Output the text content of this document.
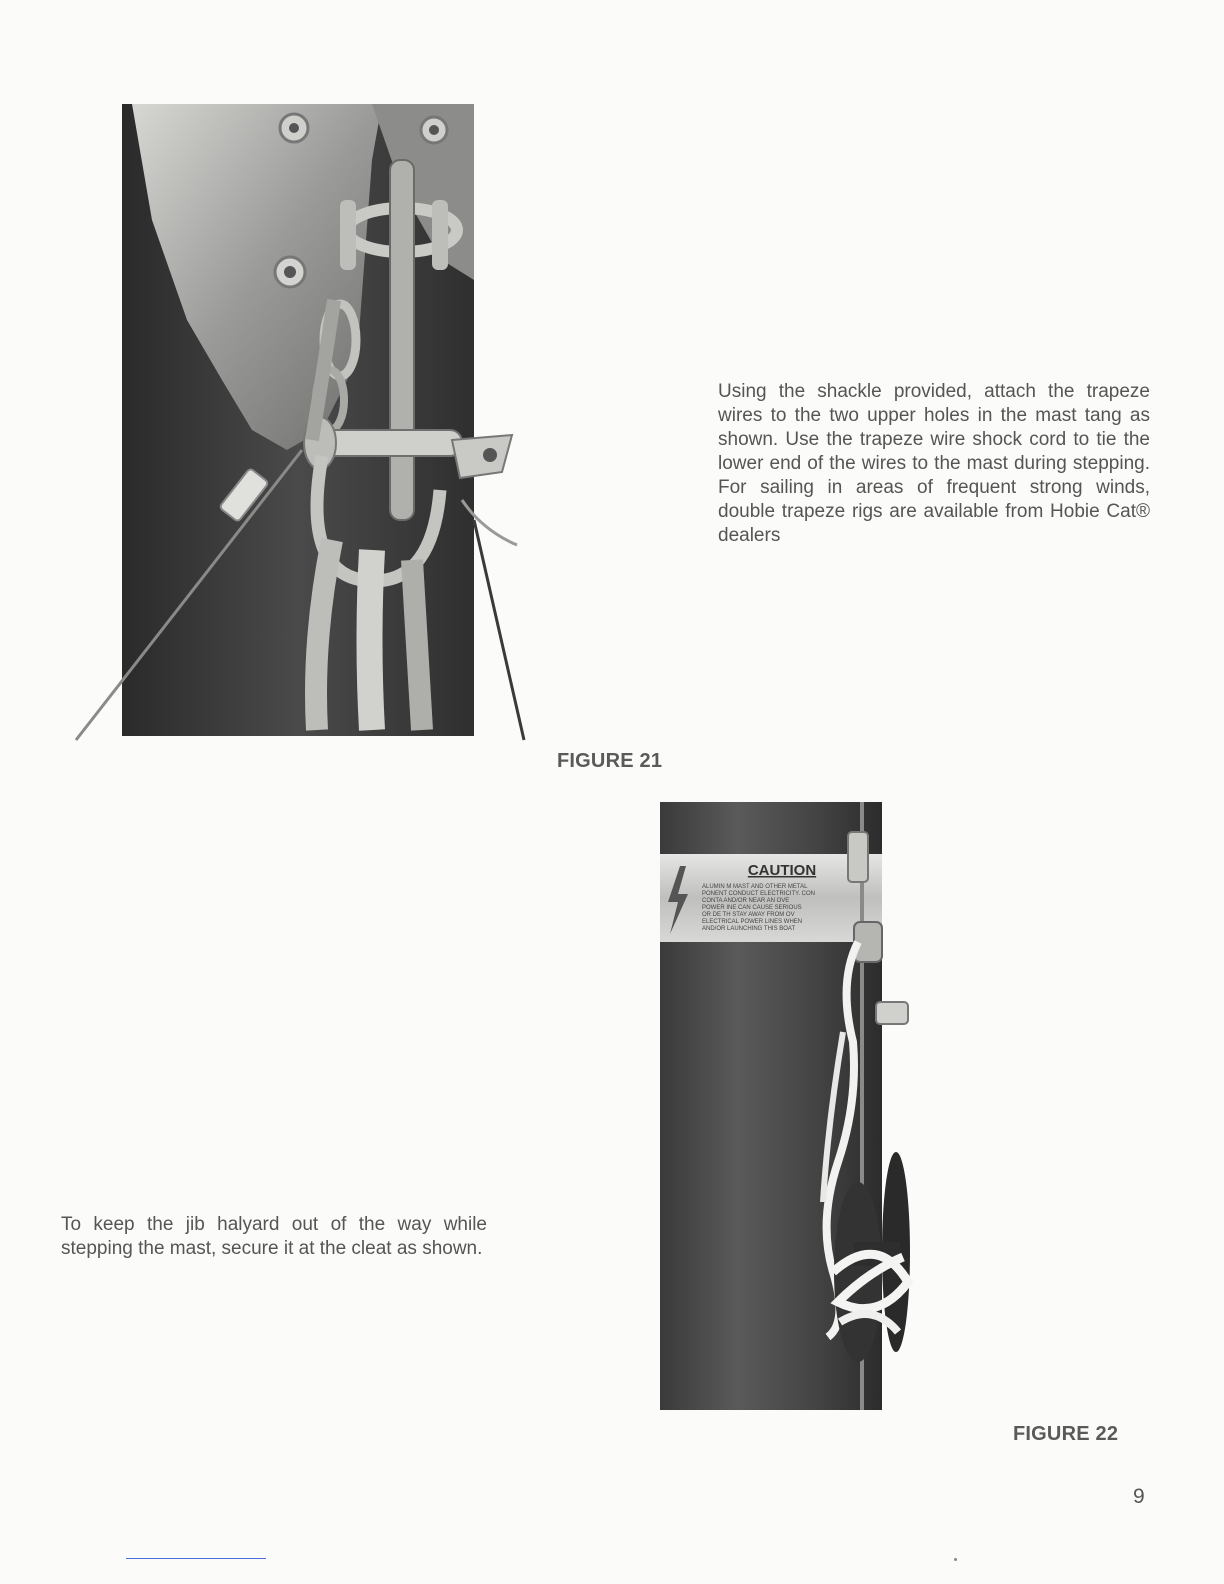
Using the shackle provided, attach the trapeze wires to the two upper holes in the mast tang as shown. Use the trapeze wire shock cord to tie the lower end of the wires to the mast during stepping. For sailing in areas of frequent strong winds, double trapeze rigs are available from Hobie Cat® dealers

FIGURE 21

CAUTION
ALUMIN M MAST AND OTHER METAL
PONENT CONDUCT ELECTRICITY. CON
CONTA AND/OR NEAR AN OVE
POWER INE CAN CAUSE SERIOUS
OR DE TH STAY AWAY FROM OV
ELECTRICAL POWER LINES WHEN
AND/OR LAUNCHING THIS BOAT

To keep the jib halyard out of the way while stepping the mast, secure it at the cleat as shown.

FIGURE 22

9
